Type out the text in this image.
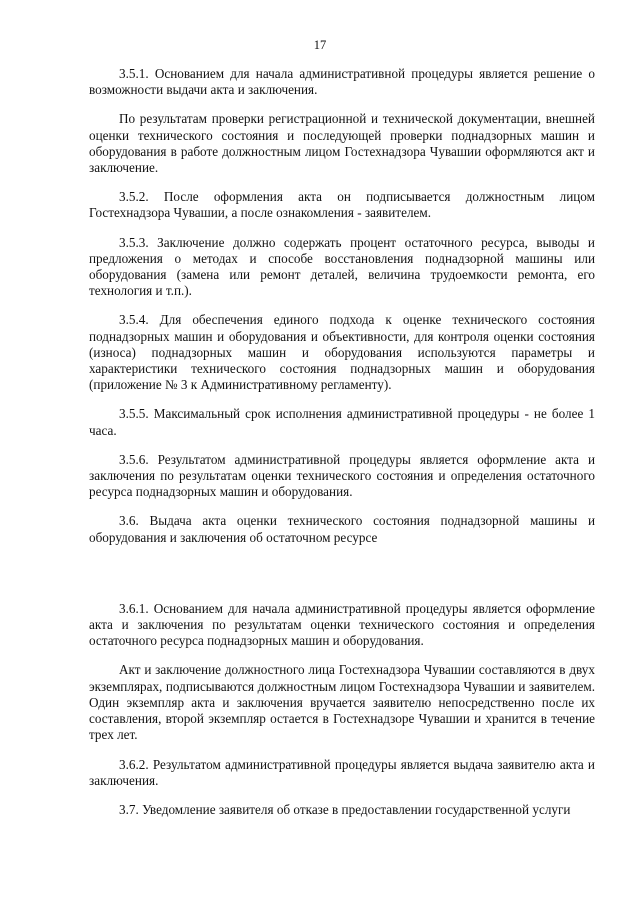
17

3.5.1. Основанием для начала административной процедуры является решение о возможности выдачи акта и заключения.

По результатам проверки регистрационной и технической документации, внешней оценки технического состояния и последующей проверки поднадзорных машин и оборудования в работе должностным лицом Гостехнадзора Чувашии оформляются акт и заключение.

3.5.2. После оформления акта он подписывается должностным лицом Гостехнадзора Чувашии, а после ознакомления - заявителем.

3.5.3. Заключение должно содержать процент остаточного ресурса, выводы и предложения о методах и способе восстановления поднадзорной машины или оборудования (замена или ремонт деталей, величина трудоемкости ремонта, его технология и т.п.).

3.5.4. Для обеспечения единого подхода к оценке технического состояния поднадзорных машин и оборудования и объективности, для контроля оценки состояния (износа) поднадзорных машин и оборудования используются параметры и характеристики технического состояния поднадзорных машин и оборудования (приложение № 3 к Административному регламенту).

3.5.5. Максимальный срок исполнения административной процедуры - не более 1 часа.

3.5.6. Результатом административной процедуры является оформление акта и заключения по результатам оценки технического состояния и определения остаточного ресурса поднадзорных машин и оборудования.

3.6. Выдача акта оценки технического состояния поднадзорной машины и оборудования и заключения об остаточном ресурсе

3.6.1. Основанием для начала административной процедуры является оформление акта и заключения по результатам оценки технического состояния и определения остаточного ресурса поднадзорных машин и оборудования.

Акт и заключение должностного лица Гостехнадзора Чувашии составляются в двух экземплярах, подписываются должностным лицом Гостехнадзора Чувашии и заявителем. Один экземпляр акта и заключения вручается заявителю непосредственно после их составления, второй экземпляр остается в Гостехнадзоре Чувашии и хранится в течение трех лет.

3.6.2. Результатом административной процедуры является выдача заявителю акта и заключения.

3.7. Уведомление заявителя об отказе в предоставлении государственной услуги
